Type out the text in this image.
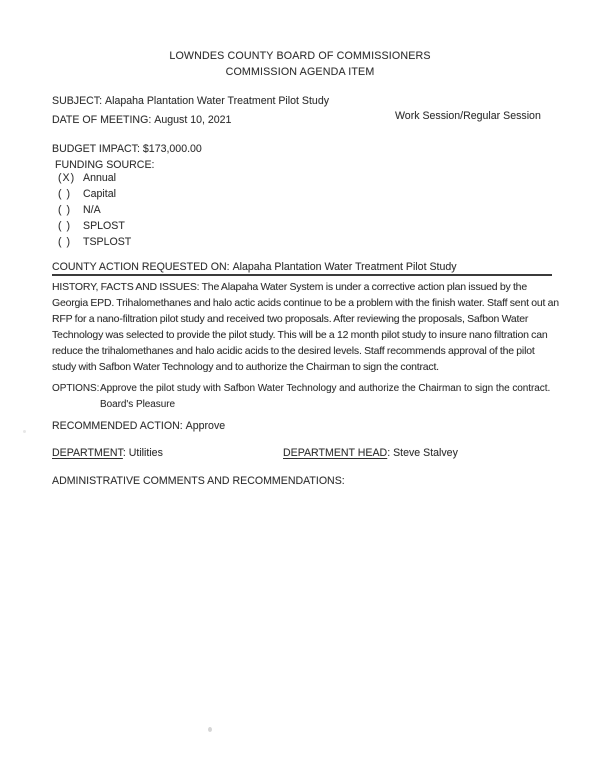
LOWNDES COUNTY BOARD OF COMMISSIONERS
COMMISSION AGENDA ITEM
SUBJECT: Alapaha Plantation Water Treatment Pilot Study
DATE OF MEETING: August 10, 2021	Work Session/Regular Session
BUDGET IMPACT: $173,000.00
FUNDING SOURCE:
(X) Annual
( )	Capital
( )	N/A
( )	SPLOST
( )	TSPLOST
COUNTY ACTION REQUESTED ON: Alapaha Plantation Water Treatment Pilot Study
HISTORY, FACTS AND ISSUES: The Alapaha Water System is under a corrective action plan issued by the Georgia EPD. Trihalomethanes and halo actic acids continue to be a problem with the finish water. Staff sent out an RFP for a nano-filtration pilot study and received two proposals. After reviewing the proposals, Safbon Water Technology was selected to provide the pilot study. This will be a 12 month pilot study to insure nano filtration can reduce the trihalomethanes and halo acidic acids to the desired levels. Staff recommends approval of the pilot study with Safbon Water Technology and to authorize the Chairman to sign the contract.
OPTIONS: Approve the pilot study with Safbon Water Technology and authorize the Chairman to sign the contract.
Board's Pleasure
RECOMMENDED ACTION: Approve
DEPARTMENT: Utilities	DEPARTMENT HEAD: Steve Stalvey
ADMINISTRATIVE COMMENTS AND RECOMMENDATIONS:
